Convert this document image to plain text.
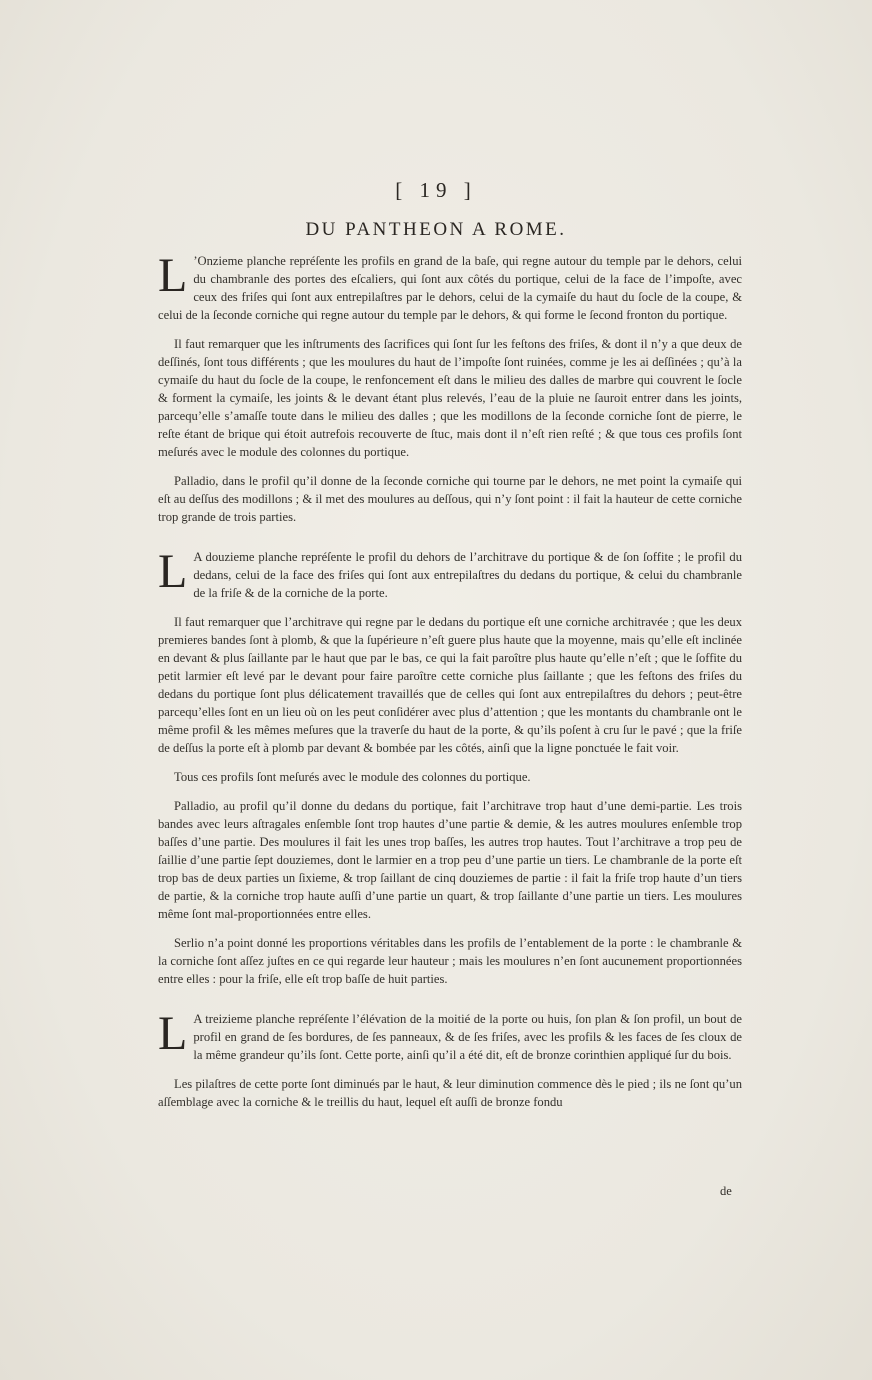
[ 19 ]
DU PANTHEON A ROME.

L ’Onzieme planche repréſente les profils en grand de la baſe, qui regne autour du temple par le dehors, celui du chambranle des portes des eſcaliers, qui ſont aux côtés du portique, celui de la face de l’impoſte, avec ceux des friſes qui ſont aux entrepilaſtres par le dehors, celui de la cymaiſe du haut du ſocle de la coupe, & celui de la ſeconde corniche qui regne autour du temple par le dehors, & qui forme le ſecond fronton du portique.

Il faut remarquer que les inſtruments des ſacrifices qui ſont ſur les feſtons des friſes, & dont il n’y a que deux de deſſinés, ſont tous différents ; que les moulures du haut de l’impoſte ſont ruinées, comme je les ai deſſinées ; qu’à la cymaiſe du haut du ſocle de la coupe, le renfoncement eſt dans le milieu des dalles de marbre qui couvrent le ſocle & forment la cymaiſe, les joints & le devant étant plus relevés, l’eau de la pluie ne ſauroit entrer dans les joints, parcequ’elle s’amaſſe toute dans le milieu des dalles ; que les modillons de la ſeconde corniche ſont de pierre, le reſte étant de brique qui étoit autrefois recouverte de ſtuc, mais dont il n’eſt rien reſté ; & que tous ces profils ſont meſurés avec le module des colonnes du portique.

Palladio, dans le profil qu’il donne de la ſeconde corniche qui tourne par le dehors, ne met point la cymaiſe qui eſt au deſſus des modillons ; & il met des moulures au deſſous, qui n’y ſont point : il fait la hauteur de cette corniche trop grande de trois parties.

L A douzieme planche repréſente le profil du dehors de l’architrave du portique & de ſon ſoffite ; le profil du dedans, celui de la face des friſes qui ſont aux entrepilaſtres du dedans du portique, & celui du chambranle de la friſe & de la corniche de la porte.

Il faut remarquer que l’architrave qui regne par le dedans du portique eſt une corniche architravée ; que les deux premieres bandes ſont à plomb, & que la ſupérieure n’eſt guere plus haute que la moyenne, mais qu’elle eſt inclinée en devant & plus ſaillante par le haut que par le bas, ce qui la fait paroître plus haute qu’elle n’eſt ; que le ſoffite du petit larmier eſt levé par le devant pour faire paroître cette corniche plus ſaillante ; que les feſtons des friſes du dedans du portique ſont plus délicatement travaillés que de celles qui ſont aux entrepilaſtres du dehors ; peut-être parcequ’elles ſont en un lieu où on les peut conſidérer avec plus d’attention ; que les montants du chambranle ont le même profil & les mêmes meſures que la traverſe du haut de la porte, & qu’ils poſent à cru ſur le pavé ; que la friſe de deſſus la porte eſt à plomb par devant & bombée par les côtés, ainſi que la ligne ponctuée le fait voir.

Tous ces profils ſont meſurés avec le module des colonnes du portique.

Palladio, au profil qu’il donne du dedans du portique, fait l’architrave trop haut d’une demi-partie. Les trois bandes avec leurs aſtragales enſemble ſont trop hautes d’une partie & demie, & les autres moulures enſemble trop baſſes d’une partie. Des moulures il fait les unes trop baſſes, les autres trop hautes. Tout l’architrave a trop peu de ſaillie d’une partie ſept douziemes, dont le larmier en a trop peu d’une partie un tiers. Le chambranle de la porte eſt trop bas de deux parties un ſixieme, & trop ſaillant de cinq douziemes de partie : il fait la friſe trop haute d’un tiers de partie, & la corniche trop haute auſſi d’une partie un quart, & trop ſaillante d’une partie un tiers. Les moulures même ſont mal-proportionnées entre elles.

Serlio n’a point donné les proportions véritables dans les profils de l’entablement de la porte : le chambranle & la corniche ſont aſſez juſtes en ce qui regarde leur hauteur ; mais les moulures n’en ſont aucunement proportionnées entre elles : pour la friſe, elle eſt trop baſſe de huit parties.

L A treizieme planche repréſente l’élévation de la moitié de la porte ou huis, ſon plan & ſon profil, un bout de profil en grand de ſes bordures, de ſes panneaux, & de ſes friſes, avec les profils & les faces de ſes cloux de la même grandeur qu’ils ſont. Cette porte, ainſi qu’il a été dit, eſt de bronze corinthien appliqué ſur du bois.

Les pilaſtres de cette porte ſont diminués par le haut, & leur diminution commence dès le pied ; ils ne ſont qu’un aſſemblage avec la corniche & le treillis du haut, lequel eſt auſſi de bronze fondu

de
